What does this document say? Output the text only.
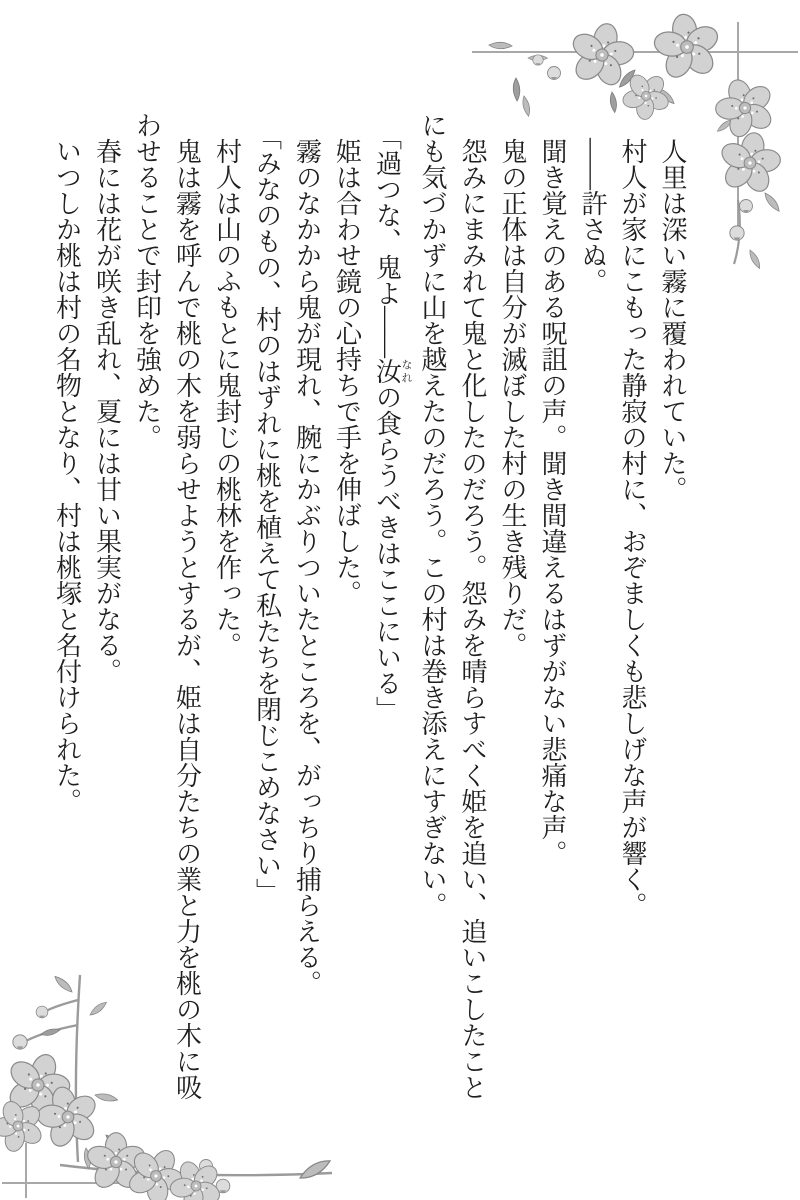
人里は深い霧に覆われていた。

村人が家にこもった静寂の村に、おぞましくも悲しげな声が響く。

――許さぬ。

聞き覚えのある呪詛の声。聞き間違えるはずがない悲痛な声。

鬼の正体は自分が滅ぼした村の生き残りだ。

怨みにまみれて鬼と化したのだろう。怨みを晴らすべく姫を追い、追いこしたことにも気づかずに山を越えたのだろう。この村は巻き添えにすぎない。

「過つな、鬼よ――汝なれの食らうべきはここにいる」

姫は合わせ鏡の心持ちで手を伸ばした。

霧のなかから鬼が現れ、腕にかぶりついたところを、がっちり捕らえる。

「みなのもの、村のはずれに桃を植えて私たちを閉じこめなさい」

村人は山のふもとに鬼封じの桃林を作った。

鬼は霧を呼んで桃の木を弱らせようとするが、姫は自分たちの業と力を桃の木に吸わせることで封印を強めた。

春には花が咲き乱れ、夏には甘い果実がなる。

いつしか桃は村の名物となり、村は桃塚と名付けられた。
